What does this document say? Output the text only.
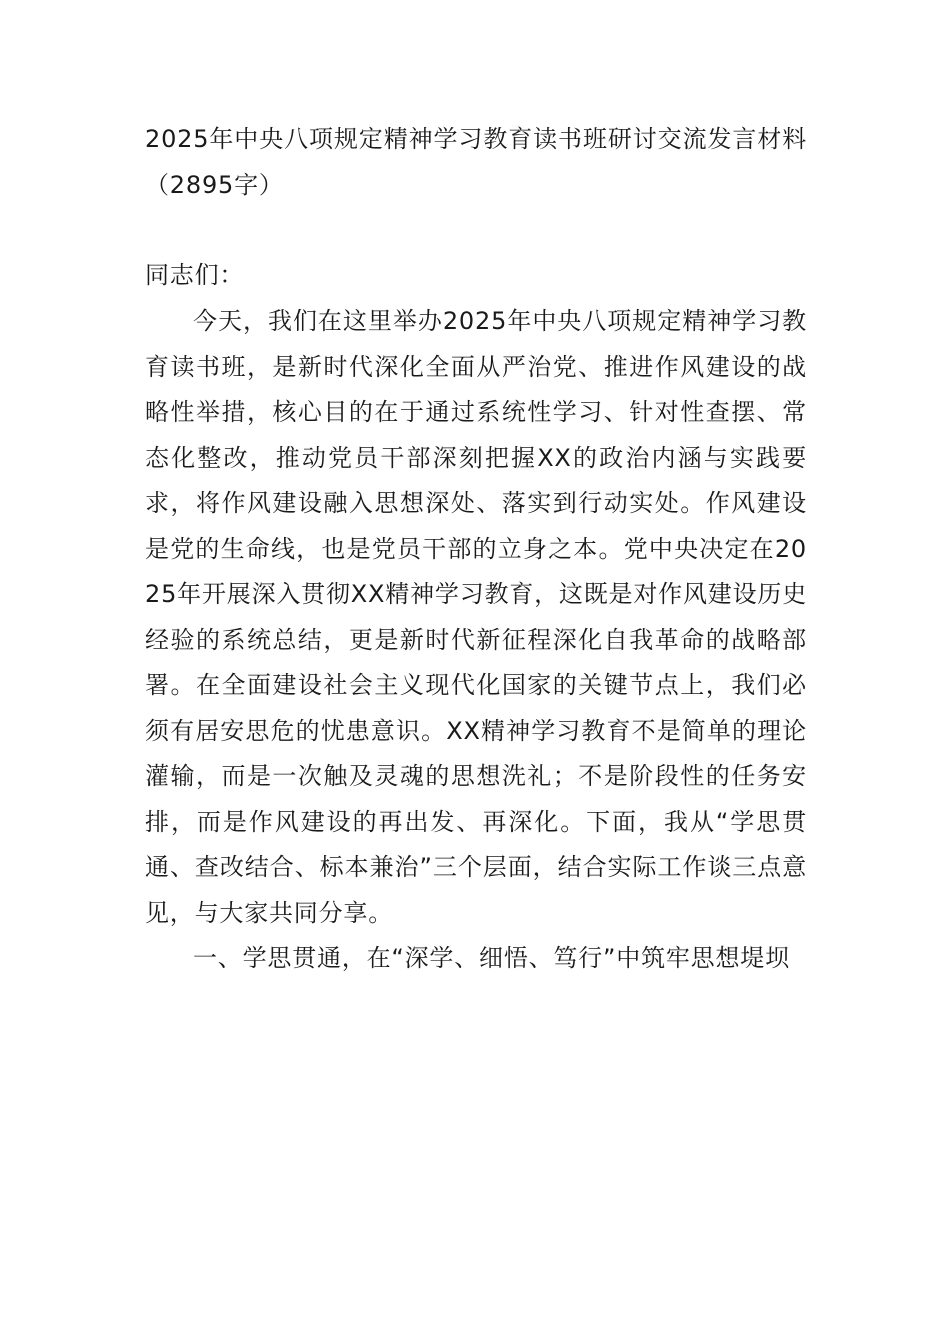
2025年中央八项规定精神学习教育读书班研讨交流发言材料（2895字）

同志们：

今天，我们在这里举办2025年中央八项规定精神学习教育读书班，是新时代深化全面从严治党、推进作风建设的战略性举措，核心目的在于通过系统性学习、针对性查摆、常态化整改，推动党员干部深刻把握XX的政治内涵与实践要求，将作风建设融入思想深处、落实到行动实处。作风建设是党的生命线，也是党员干部的立身之本。党中央决定在2025年开展深入贯彻XX精神学习教育，这既是对作风建设历史经验的系统总结，更是新时代新征程深化自我革命的战略部署。在全面建设社会主义现代化国家的关键节点上，我们必须有居安思危的忧患意识。XX精神学习教育不是简单的理论灌输，而是一次触及灵魂的思想洗礼；不是阶段性的任务安排，而是作风建设的再出发、再深化。下面，我从“学思贯通、查改结合、标本兼治”三个层面，结合实际工作谈三点意见，与大家共同分享。

一、学思贯通，在“深学、细悟、笃行”中筑牢思想堤坝
